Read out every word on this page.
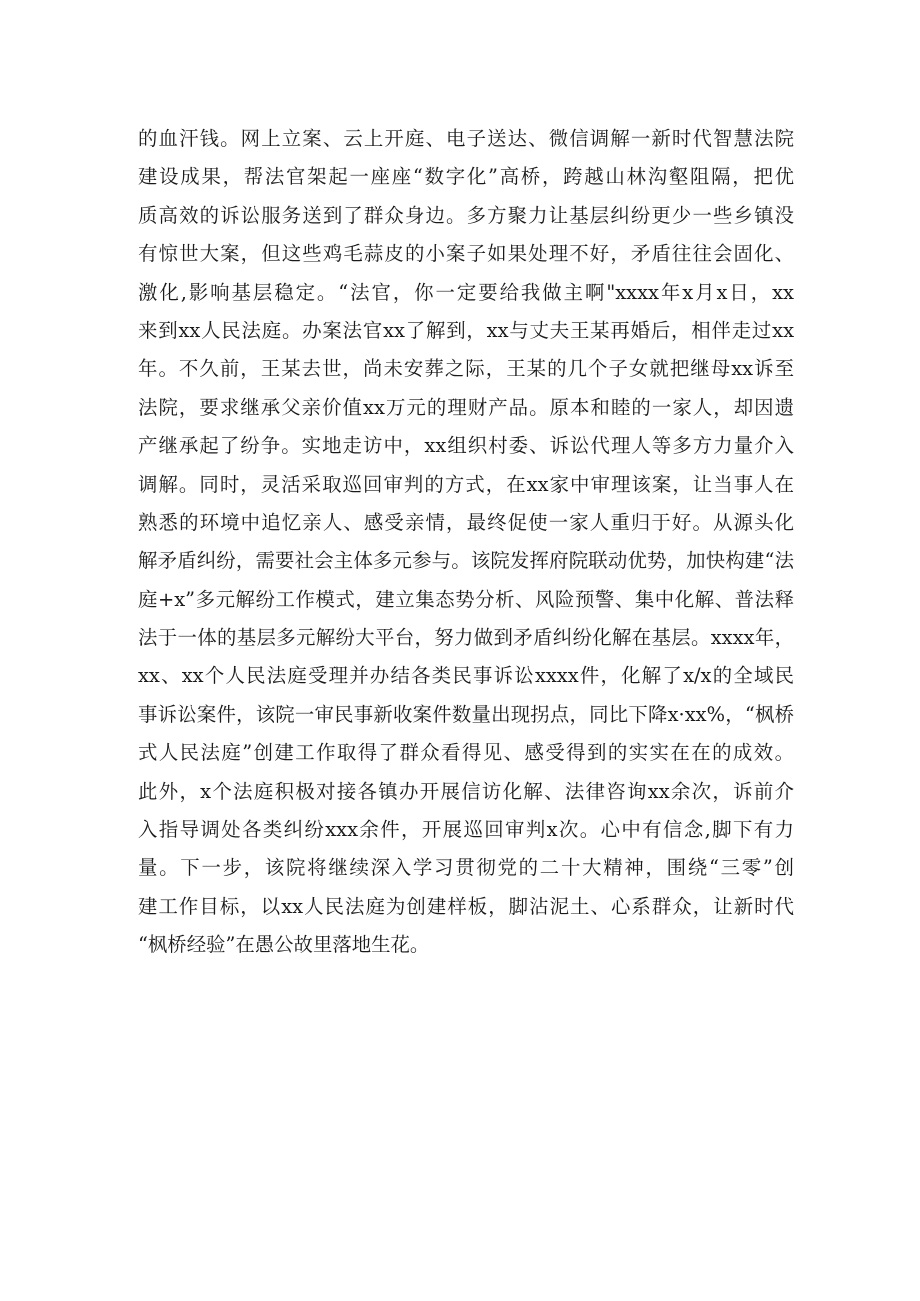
的血汗钱。网上立案、云上开庭、电子送达、微信调解一新时代智慧法院
建设成果，帮法官架起一座座“数字化”高桥，跨越山林沟壑阻隔，把优
质高效的诉讼服务送到了群众身边。多方聚力让基层纠纷更少一些乡镇没
有惊世大案，但这些鸡毛蒜皮的小案子如果处理不好，矛盾往往会固化、
激化,影响基层稳定。“法官，你一定要给我做主啊"xxxx年x月x日，xx
来到xx人民法庭。办案法官xx了解到，xx与丈夫王某再婚后，相伴走过xx
年。不久前，王某去世，尚未安葬之际，王某的几个子女就把继母xx诉至
法院，要求继承父亲价值xx万元的理财产品。原本和睦的一家人，却因遗
产继承起了纷争。实地走访中，xx组织村委、诉讼代理人等多方力量介入
调解。同时，灵活采取巡回审判的方式，在xx家中审理该案，让当事人在
熟悉的环境中追忆亲人、感受亲情，最终促使一家人重归于好。从源头化
解矛盾纠纷，需要社会主体多元参与。该院发挥府院联动优势，加快构建“法
庭+x”多元解纷工作模式，建立集态势分析、风险预警、集中化解、普法释
法于一体的基层多元解纷大平台，努力做到矛盾纠纷化解在基层。xxxx年，
xx、xx个人民法庭受理并办结各类民事诉讼xxxx件，化解了x/x的全域民
事诉讼案件，该院一审民事新收案件数量出现拐点，同比下降x·xx%，“枫桥
式人民法庭”创建工作取得了群众看得见、感受得到的实实在在的成效。
此外，x个法庭积极对接各镇办开展信访化解、法律咨询xx余次，诉前介
入指导调处各类纠纷xxx余件，开展巡回审判x次。心中有信念,脚下有力
量。下一步，该院将继续深入学习贯彻党的二十大精神，围绕“三零”创
建工作目标，以xx人民法庭为创建样板，脚沾泥土、心系群众，让新时代
“枫桥经验”在愚公故里落地生花。
